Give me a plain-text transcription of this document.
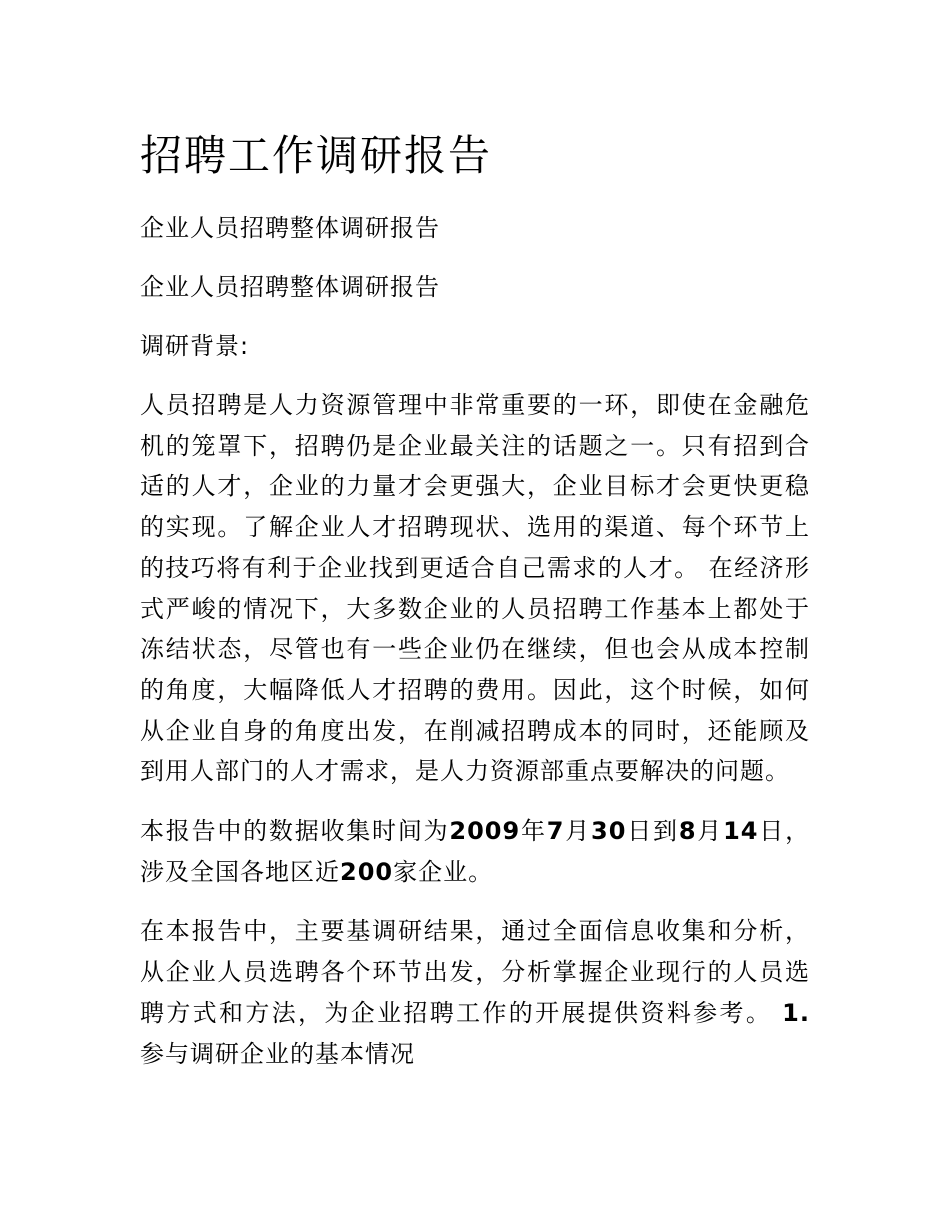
招聘工作调研报告

企业人员招聘整体调研报告

企业人员招聘整体调研报告

调研背景:

人员招聘是人力资源管理中非常重要的一环，即使在金融危机的笼罩下，招聘仍是企业最关注的话题之一。只有招到合适的人才，企业的力量才会更强大，企业目标才会更快更稳的实现。了解企业人才招聘现状、选用的渠道、每个环节上的技巧将有利于企业找到更适合自己需求的人才。 在经济形式严峻的情况下，大多数企业的人员招聘工作基本上都处于冻结状态，尽管也有一些企业仍在继续，但也会从成本控制的角度，大幅降低人才招聘的费用。因此，这个时候，如何从企业自身的角度出发，在削减招聘成本的同时，还能顾及到用人部门的人才需求，是人力资源部重点要解决的问题。

本报告中的数据收集时间为2009年7月30日到8月14日，涉及全国各地区近200家企业。

在本报告中，主要基调研结果，通过全面信息收集和分析，从企业人员选聘各个环节出发，分析掌握企业现行的人员选聘方式和方法，为企业招聘工作的开展提供资料参考。 1. 参与调研企业的基本情况
